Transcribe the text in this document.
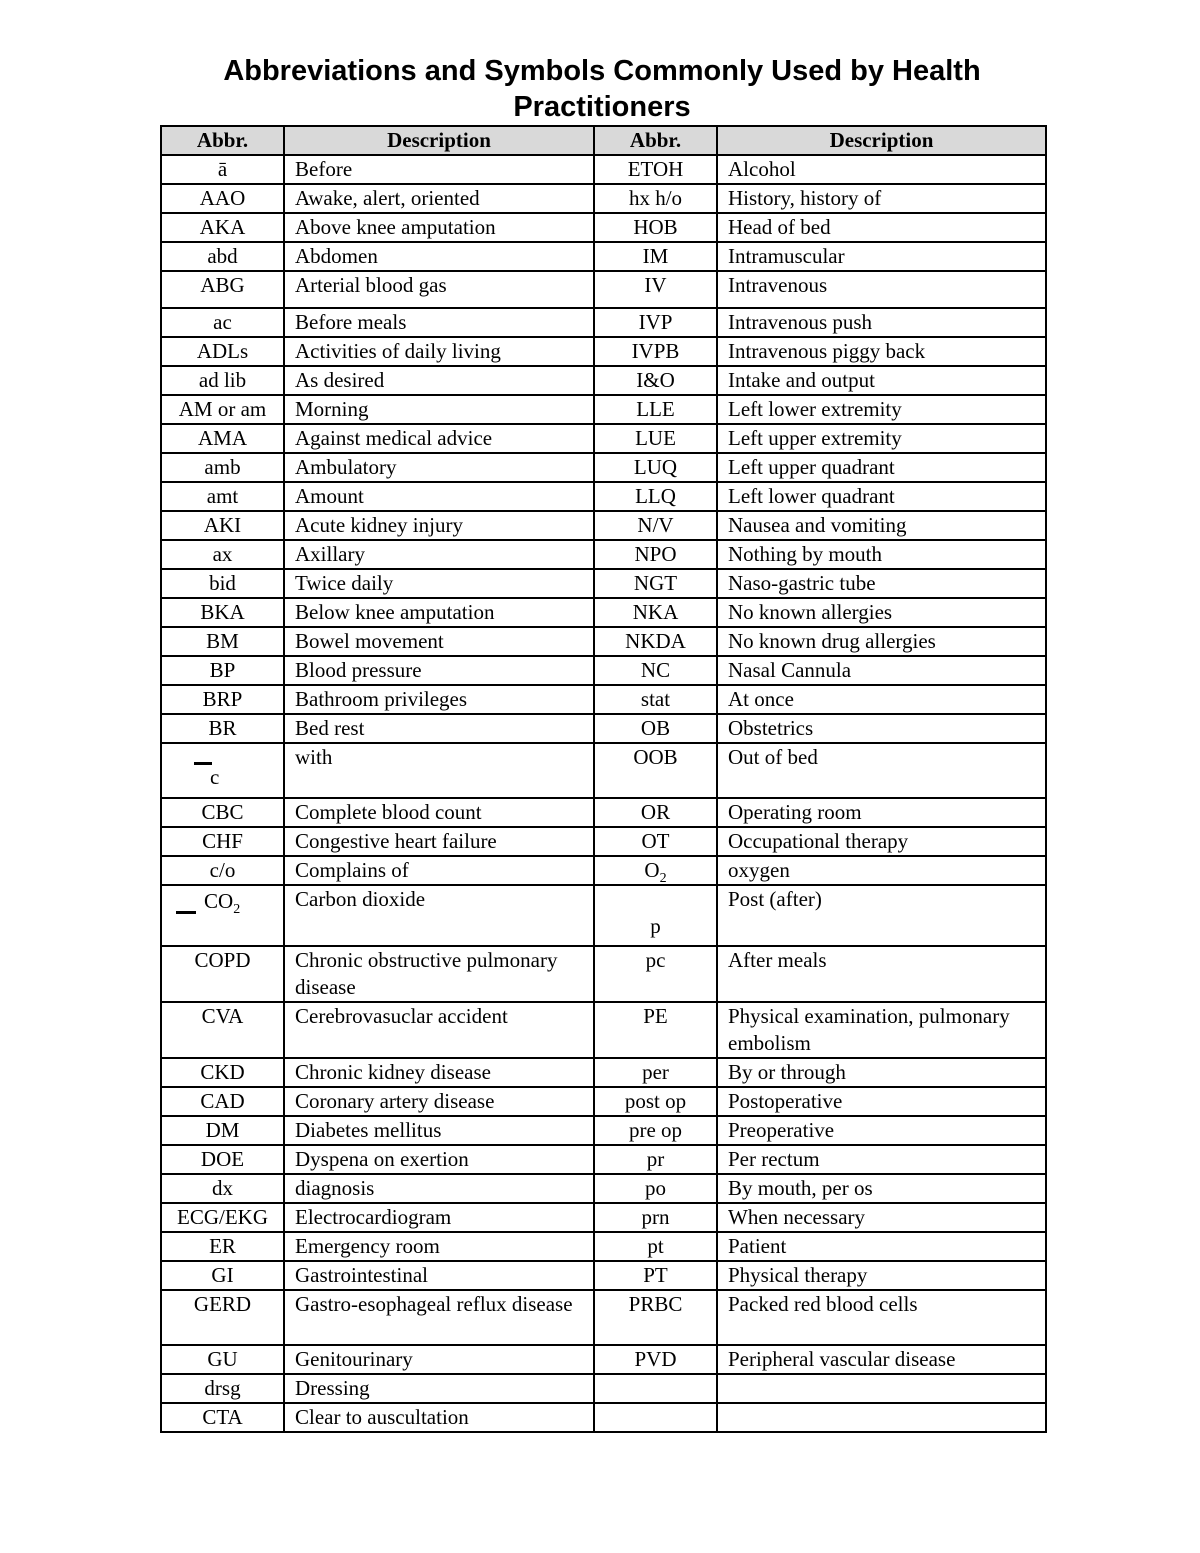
Abbreviations and Symbols Commonly Used by Health Practitioners
Abbr.	Description	Abbr.	Description
ā	Before	ETOH	Alcohol
AAO	Awake, alert, oriented	hx h/o	History, history of
AKA	Above knee amputation	HOB	Head of bed
abd	Abdomen	IM	Intramuscular
ABG	Arterial blood gas	IV	Intravenous
ac	Before meals	IVP	Intravenous push
ADLs	Activities of daily living	IVPB	Intravenous piggy back
ad lib	As desired	I&O	Intake and output
AM or am	Morning	LLE	Left lower extremity
AMA	Against medical advice	LUE	Left upper extremity
amb	Ambulatory	LUQ	Left upper quadrant
amt	Amount	LLQ	Left lower quadrant
AKI	Acute kidney injury	N/V	Nausea and vomiting
ax	Axillary	NPO	Nothing by mouth
bid	Twice daily	NGT	Naso-gastric tube
BKA	Below knee amputation	NKA	No known allergies
BM	Bowel movement	NKDA	No known drug allergies
BP	Blood pressure	NC	Nasal Cannula
BRP	Bathroom privileges	stat	At once
BR	Bed rest	OB	Obstetrics

c	with	OOB	Out of bed
CBC	Complete blood count	OR	Operating room
CHF	Congestive heart failure	OT	Occupational therapy
c/o	Complains of	$O_2$	oxygen

$CO_2$	Carbon dioxide	p	Post (after)
COPD	Chronic obstructive pulmonary disease	pc	After meals
CVA	Cerebrovasuclar accident	PE	Physical examination, pulmonary embolism
CKD	Chronic kidney disease	per	By or through
CAD	Coronary artery disease	post op	Postoperative
DM	Diabetes mellitus	pre op	Preoperative
DOE	Dyspena on exertion	pr	Per rectum
dx	diagnosis	po	By mouth, per os
ECG/EKG	Electrocardiogram	prn	When necessary
ER	Emergency room	pt	Patient
GI	Gastrointestinal	PT	Physical therapy
GERD	Gastro-esophageal reflux disease	PRBC	Packed red blood cells
GU	Genitourinary	PVD	Peripheral vascular disease
drsg	Dressing		
CTA	Clear to auscultation		
